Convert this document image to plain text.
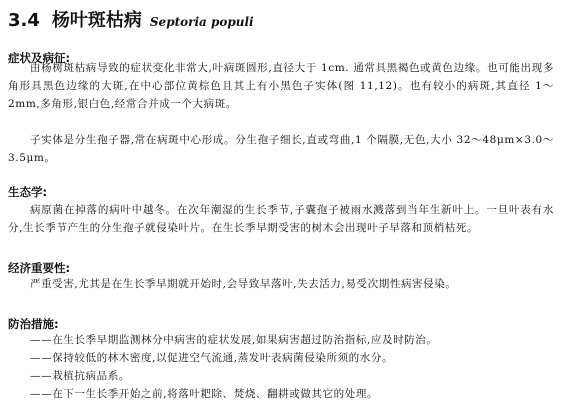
3.4 杨叶斑枯病 Septoria populi
症状及病征:

由杨树斑枯病导致的症状变化非常大,叶病斑圆形,直径大于 1cm. 通常具黑褐色或黄色边缘。也可能出现多角形具黑色边缘的大斑,在中心部位黄棕色且其上有小黑色子实体(图 11,12)。也有较小的病斑,其直径 1～2mm,多角形,银白色,经常合并成一个大病斑。

子实体是分生孢子器,常在病斑中心形成。分生孢子细长,直或弯曲,1 个隔膜,无色,大小 32～48μm×3.0～3.5μm。

生态学:

病原菌在掉落的病叶中越冬。在次年潮湿的生长季节,子囊孢子被雨水溅落到当年生新叶上。一旦叶表有水分,生长季节产生的分生孢子就侵染叶片。在生长季早期受害的树木会出现叶子早落和顶梢枯死。

经济重要性:

严重受害,尤其是在生长季早期就开始时,会导致早落叶,失去活力,易受次期性病害侵染。

防治措施:
——在生长季早期监测林分中病害的症状发展,如果病害超过防治指标,应及时防治。
——保持较低的林木密度,以促进空气流通,蒸发叶表病菌侵染所须的水分。
——栽植抗病品系。
——在下一生长季开始之前,将落叶耙除、焚烧、翻耕或做其它的处理。
